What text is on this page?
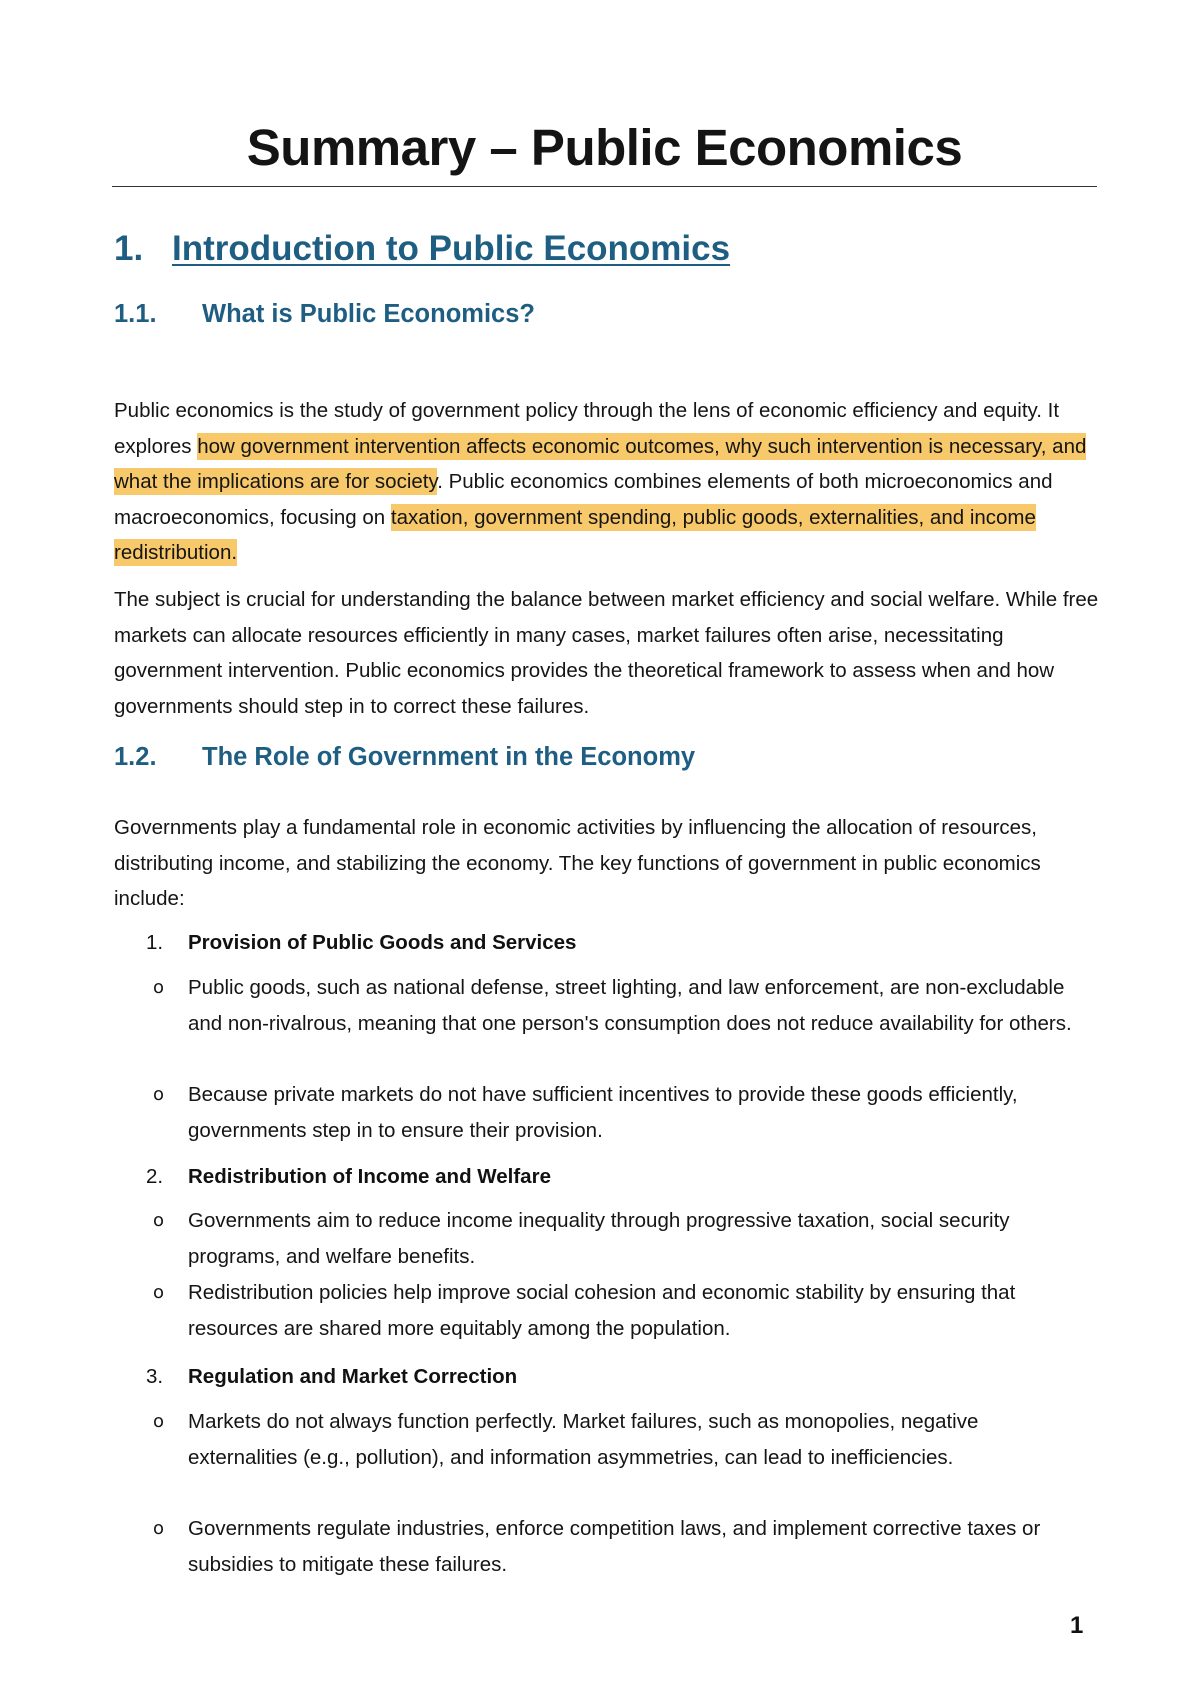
Summary – Public Economics
1. Introduction to Public Economics
1.1. What is Public Economics?

Public economics is the study of government policy through the lens of economic efficiency and equity. It explores how government intervention affects economic outcomes, why such intervention is necessary, and what the implications are for society. Public economics combines elements of both microeconomics and macroeconomics, focusing on taxation, government spending, public goods, externalities, and income redistribution.

The subject is crucial for understanding the balance between market efficiency and social welfare. While free markets can allocate resources efficiently in many cases, market failures often arise, necessitating government intervention. Public economics provides the theoretical framework to assess when and how governments should step in to correct these failures.

1.2. The Role of Government in the Economy

Governments play a fundamental role in economic activities by influencing the allocation of resources, distributing income, and stabilizing the economy. The key functions of government in public economics include:

1. Provision of Public Goods and Services

o	Public goods, such as national defense, street lighting, and law enforcement, are non-excludable and non-rivalrous, meaning that one person's consumption does not reduce availability for others.
o	Because private markets do not have sufficient incentives to provide these goods efficiently, governments step in to ensure their provision.

2. Redistribution of Income and Welfare

o	Governments aim to reduce income inequality through progressive taxation, social security programs, and welfare benefits.
o	Redistribution policies help improve social cohesion and economic stability by ensuring that resources are shared more equitably among the population.

3. Regulation and Market Correction

o	Markets do not always function perfectly. Market failures, such as monopolies, negative externalities (e.g., pollution), and information asymmetries, can lead to inefficiencies.
o	Governments regulate industries, enforce competition laws, and implement corrective taxes or subsidies to mitigate these failures.

1
